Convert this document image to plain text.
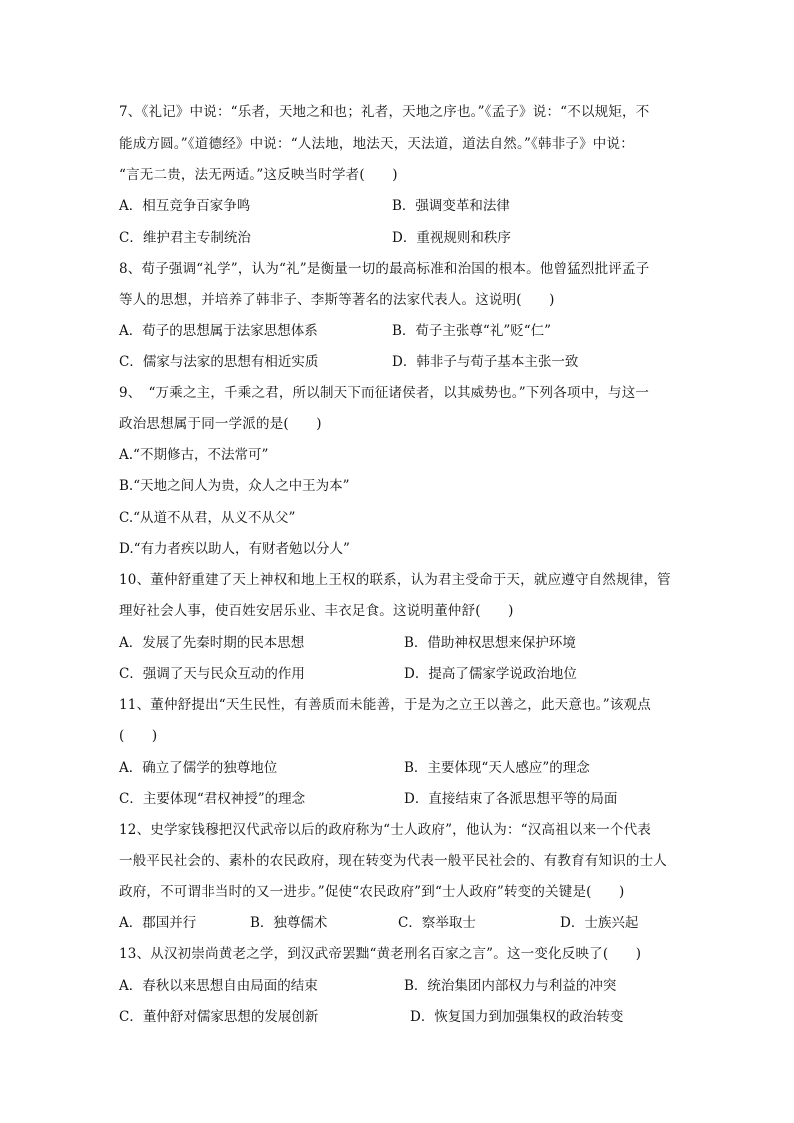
7、《礼记》中说：“乐者，天地之和也；礼者，天地之序也。”《孟子》说：“不以规矩，不
能成方圆。”《道德经》中说：“人法地，地法天，天法道，道法自然。”《韩非子》中说：
“言无二贵，法无两适。”这反映当时学者(　　)
A．相互竞争百家争鸣	B．强调变革和法律
C．维护君主专制统治	D．重视规则和秩序
8、荀子强调“礼学”，认为“礼”是衡量一切的最高标准和治国的根本。他曾猛烈批评孟子
等人的思想，并培养了韩非子、李斯等著名的法家代表人。这说明(　　)
A．荀子的思想属于法家思想体系	B．荀子主张尊“礼”贬“仁”
C．儒家与法家的思想有相近实质	D．韩非子与荀子基本主张一致
9、　“万乘之主，千乘之君，所以制天下而征诸侯者，以其威势也。”下列各项中，与这一
政治思想属于同一学派的是(　　)
A.“不期修古，不法常可”
B.“天地之间人为贵，众人之中王为本”
C.“从道不从君，从义不从父”
D.“有力者疾以助人，有财者勉以分人”
10、董仲舒重建了天上神权和地上王权的联系，认为君主受命于天，就应遵守自然规律，管
理好社会人事，使百姓安居乐业、丰衣足食。这说明董仲舒(　　)
A．发展了先秦时期的民本思想	B．借助神权思想来保护环境
C．强调了天与民众互动的作用	D．提高了儒家学说政治地位
11、董仲舒提出“天生民性，有善质而未能善，于是为之立王以善之，此天意也。”该观点
(　　)
A．确立了儒学的独尊地位	B．主要体现“天人感应”的理念
C．主要体现“君权神授”的理念	D．直接结束了各派思想平等的局面
12、史学家钱穆把汉代武帝以后的政府称为“士人政府”，他认为：“汉高祖以来一个代表
一般平民社会的、素朴的农民政府，现在转变为代表一般平民社会的、有教育有知识的士人
政府，不可谓非当时的又一进步。”促使“农民政府”到“士人政府”转变的关键是(　　)
A．郡国并行	B．独尊儒术	C．察举取士	D．士族兴起
13、从汉初崇尚黄老之学，到汉武帝罢黜“黄老刑名百家之言”。这一变化反映了(　　)
A．春秋以来思想自由局面的结束	B．统治集团内部权力与利益的冲突
C．董仲舒对儒家思想的发展创新	D．恢复国力到加强集权的政治转变
